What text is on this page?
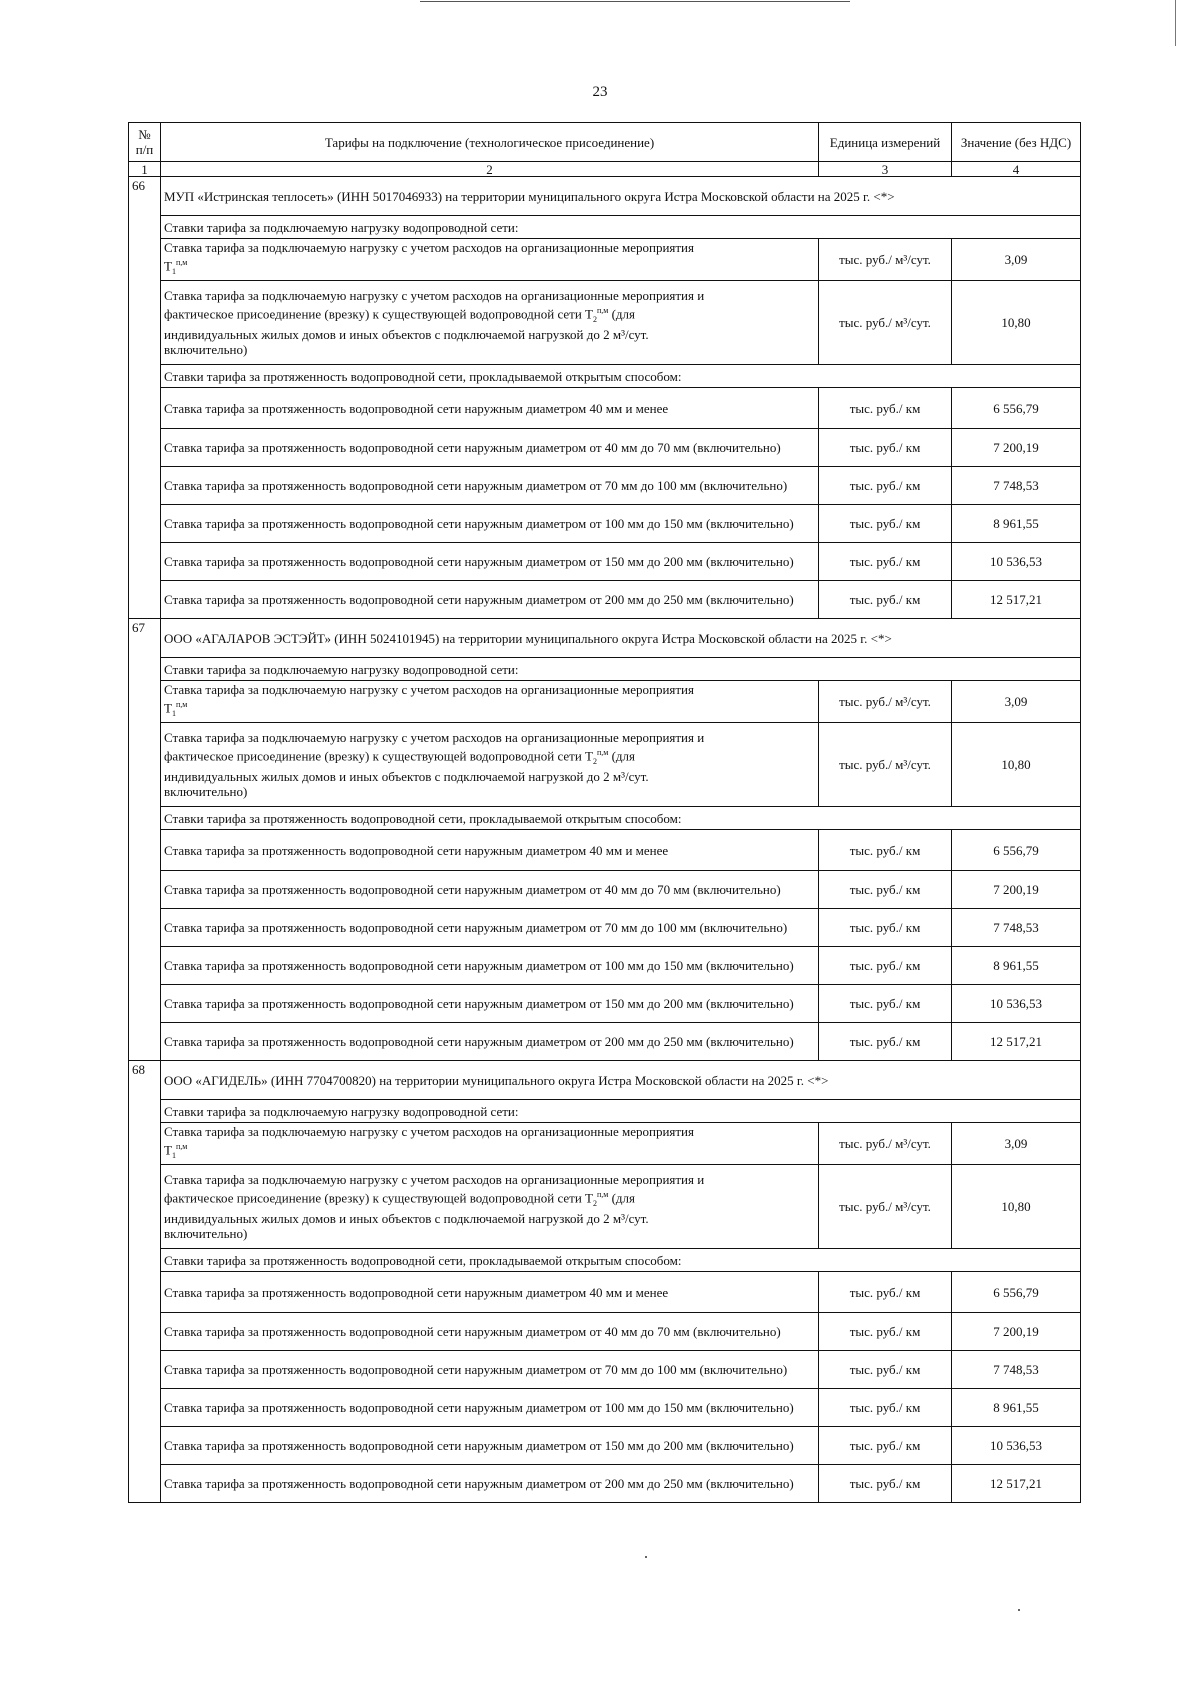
23
№ п/п	Тарифы на подключение (технологическое присоединение)	Единица измерений	Значение (без НДС)
1	2	3	4
66	МУП «Истринская теплосеть» (ИНН 5017046933) на территории муниципального округа Истра Московской области на 2025 г. <*>		
	Ставки тарифа за подключаемую нагрузку водопроводной сети:		
	Ставка тарифа за подключаемую нагрузку с учетом расходов на организационные мероприятия
$Т_1^{п,м}$	тыс. руб./ м³/сут.	3,09
	Ставка тарифа за подключаемую нагрузку с учетом расходов на организационные мероприятия и
фактическое присоединение (врезку) к существующей водопроводной сети $Т_2^{п,м}$ (для
индивидуальных жилых домов и иных объектов с подключаемой нагрузкой до 2 м³/сут.
включительно)	тыс. руб./ м³/сут.	10,80
	Ставки тарифа за протяженность водопроводной сети, прокладываемой открытым способом:		
	Ставка тарифа за протяженность водопроводной сети наружным диаметром 40 мм и менее	тыс. руб./ км	6 556,79
	Ставка тарифа за протяженность водопроводной сети наружным диаметром от 40 мм до 70 мм (включительно)	тыс. руб./ км	7 200,19
	Ставка тарифа за протяженность водопроводной сети наружным диаметром от 70 мм до 100 мм (включительно)	тыс. руб./ км	7 748,53
	Ставка тарифа за протяженность водопроводной сети наружным диаметром от 100 мм до 150 мм (включительно)	тыс. руб./ км	8 961,55
	Ставка тарифа за протяженность водопроводной сети наружным диаметром от 150 мм до 200 мм (включительно)	тыс. руб./ км	10 536,53
	Ставка тарифа за протяженность водопроводной сети наружным диаметром от 200 мм до 250 мм (включительно)	тыс. руб./ км	12 517,21
67	ООО «АГАЛАРОВ ЭСТЭЙТ» (ИНН 5024101945) на территории муниципального округа Истра Московской области на 2025 г. <*>		
	Ставки тарифа за подключаемую нагрузку водопроводной сети:		
	Ставка тарифа за подключаемую нагрузку с учетом расходов на организационные мероприятия
$Т_1^{п,м}$	тыс. руб./ м³/сут.	3,09
	Ставка тарифа за подключаемую нагрузку с учетом расходов на организационные мероприятия и
фактическое присоединение (врезку) к существующей водопроводной сети $Т_2^{п,м}$ (для
индивидуальных жилых домов и иных объектов с подключаемой нагрузкой до 2 м³/сут.
включительно)	тыс. руб./ м³/сут.	10,80
	Ставки тарифа за протяженность водопроводной сети, прокладываемой открытым способом:		
	Ставка тарифа за протяженность водопроводной сети наружным диаметром 40 мм и менее	тыс. руб./ км	6 556,79
	Ставка тарифа за протяженность водопроводной сети наружным диаметром от 40 мм до 70 мм (включительно)	тыс. руб./ км	7 200,19
	Ставка тарифа за протяженность водопроводной сети наружным диаметром от 70 мм до 100 мм (включительно)	тыс. руб./ км	7 748,53
	Ставка тарифа за протяженность водопроводной сети наружным диаметром от 100 мм до 150 мм (включительно)	тыс. руб./ км	8 961,55
	Ставка тарифа за протяженность водопроводной сети наружным диаметром от 150 мм до 200 мм (включительно)	тыс. руб./ км	10 536,53
	Ставка тарифа за протяженность водопроводной сети наружным диаметром от 200 мм до 250 мм (включительно)	тыс. руб./ км	12 517,21
68	ООО «АГИДЕЛЬ» (ИНН 7704700820) на территории муниципального округа Истра Московской области на 2025 г. <*>		
	Ставки тарифа за подключаемую нагрузку водопроводной сети:		
	Ставка тарифа за подключаемую нагрузку с учетом расходов на организационные мероприятия
$Т_1^{п,м}$	тыс. руб./ м³/сут.	3,09
	Ставка тарифа за подключаемую нагрузку с учетом расходов на организационные мероприятия и
фактическое присоединение (врезку) к существующей водопроводной сети $Т_2^{п,м}$ (для
индивидуальных жилых домов и иных объектов с подключаемой нагрузкой до 2 м³/сут.
включительно)	тыс. руб./ м³/сут.	10,80
	Ставки тарифа за протяженность водопроводной сети, прокладываемой открытым способом:		
	Ставка тарифа за протяженность водопроводной сети наружным диаметром 40 мм и менее	тыс. руб./ км	6 556,79
	Ставка тарифа за протяженность водопроводной сети наружным диаметром от 40 мм до 70 мм (включительно)	тыс. руб./ км	7 200,19
	Ставка тарифа за протяженность водопроводной сети наружным диаметром от 70 мм до 100 мм (включительно)	тыс. руб./ км	7 748,53
	Ставка тарифа за протяженность водопроводной сети наружным диаметром от 100 мм до 150 мм (включительно)	тыс. руб./ км	8 961,55
	Ставка тарифа за протяженность водопроводной сети наружным диаметром от 150 мм до 200 мм (включительно)	тыс. руб./ км	10 536,53
	Ставка тарифа за протяженность водопроводной сети наружным диаметром от 200 мм до 250 мм (включительно)	тыс. руб./ км	12 517,21
